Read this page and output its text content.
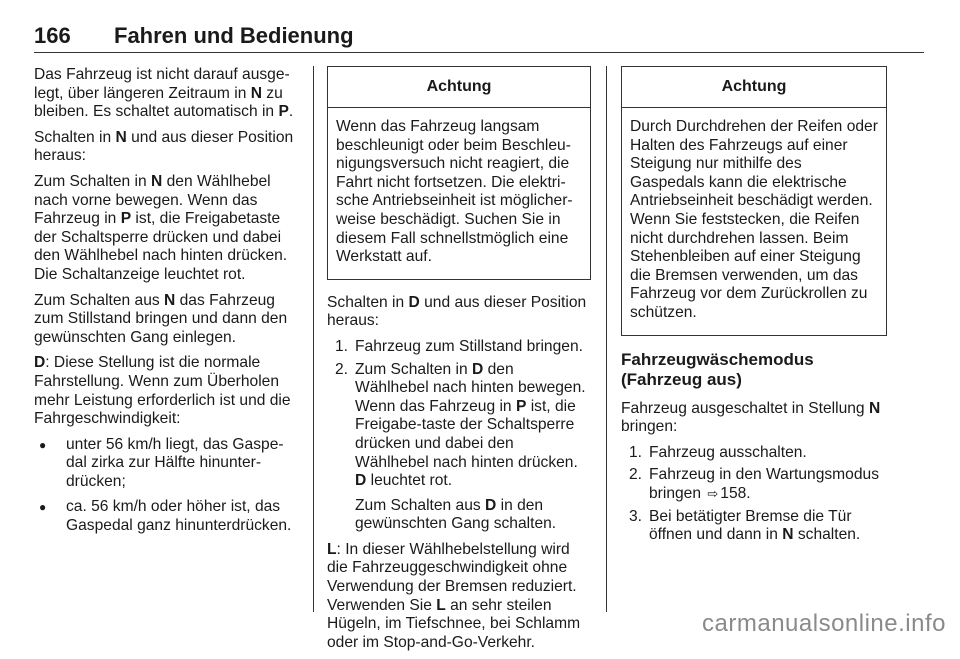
166 Fahren und Bedienung

Das Fahrzeug ist nicht darauf ausge-legt, über längeren Zeitraum in N zu bleiben. Es schaltet automatisch in P.

Schalten in N und aus dieser Position heraus:

Zum Schalten in N den Wählhebel nach vorne bewegen. Wenn das Fahrzeug in P ist, die Freigabetaste der Schaltsperre drücken und dabei den Wählhebel nach hinten drücken. Die Schaltanzeige leuchtet rot.

Zum Schalten aus N das Fahrzeug zum Stillstand bringen und dann den gewünschten Gang einlegen.

D: Diese Stellung ist die normale Fahrstellung. Wenn zum Überholen mehr Leistung erforderlich ist und die Fahrgeschwindigkeit:

● unter 56 km/h liegt, das Gaspe-dal zirka zur Hälfte hinunter-drücken;
● ca. 56 km/h oder höher ist, das Gaspedal ganz hinunterdrücken.
Achtung
Wenn das Fahrzeug langsam beschleunigt oder beim Beschleu-nigungsversuch nicht reagiert, die Fahrt nicht fortsetzen. Die elektri-sche Antriebseinheit ist möglicher-weise beschädigt. Suchen Sie in diesem Fall schnellstmöglich eine Werkstatt auf.

Schalten in D und aus dieser Position heraus:

1. Fahrzeug zum Stillstand bringen.
2. Zum Schalten in D den Wählhebel nach hinten bewegen. Wenn das Fahrzeug in P ist, die Freigabe-taste der Schaltsperre drücken und dabei den Wählhebel nach hinten drücken. D leuchtet rot.
Zum Schalten aus D in den gewünschten Gang schalten.

L: In dieser Wählhebelstellung wird die Fahrzeuggeschwindigkeit ohne Verwendung der Bremsen reduziert. Verwenden Sie L an sehr steilen Hügeln, im Tiefschnee, bei Schlamm oder im Stop-and-Go-Verkehr.

Achtung
Durch Durchdrehen der Reifen oder Halten des Fahrzeugs auf einer Steigung nur mithilfe des Gaspedals kann die elektrische Antriebseinheit beschädigt werden. Wenn Sie feststecken, die Reifen nicht durchdrehen lassen. Beim Stehenbleiben auf einer Steigung die Bremsen verwenden, um das Fahrzeug vor dem Zurückrollen zu schützen.
Fahrzeugwäschemodus (Fahrzeug aus)

Fahrzeug ausgeschaltet in Stellung N bringen:

1. Fahrzeug ausschalten.
2. Fahrzeug in den Wartungsmodus bringen ⇨ 158.
3. Bei betätigter Bremse die Tür öffnen und dann in N schalten.
carmanualsonline.info
